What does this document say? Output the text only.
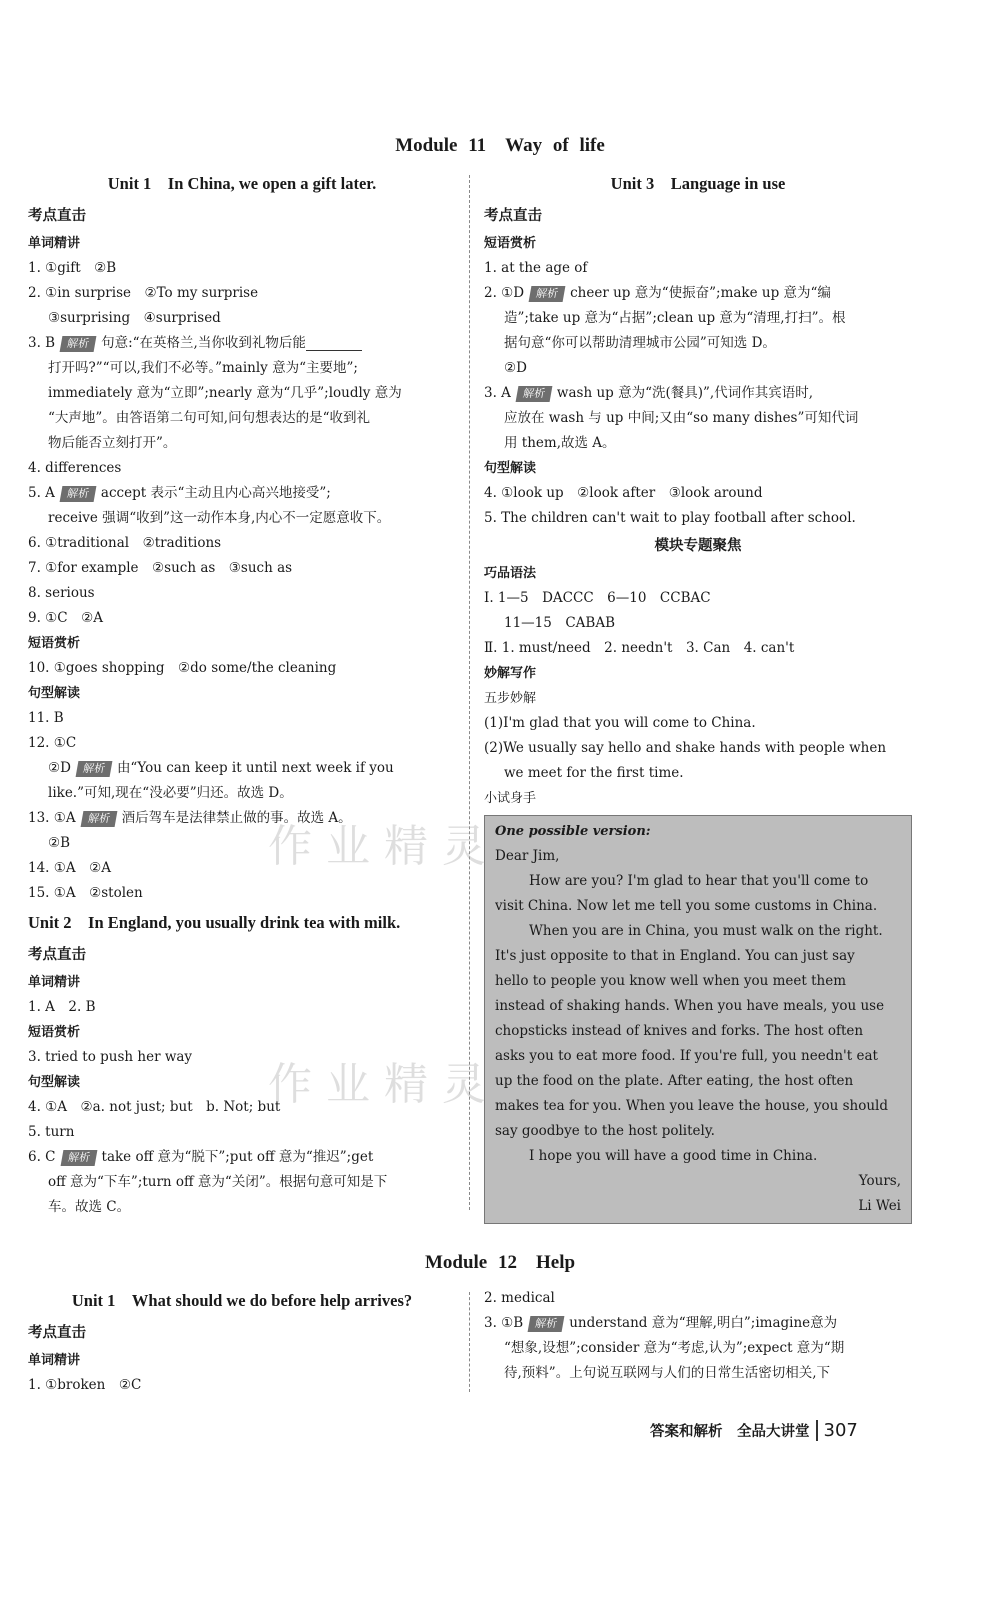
Module 11　Way of life
Unit 1　In China, we open a gift later.
考点直击
单词精讲
1. ①gift　②B
2. ①in surprise　②To my surprise
③surprising　④surprised
3. B 解析 句意:“在英格兰,当你收到礼物后能
打开吗?”“可以,我们不必等。”mainly 意为“主要地”;
immediately 意为“立即”;nearly 意为“几乎”;loudly 意为
“大声地”。由答语第二句可知,问句想表达的是“收到礼
物后能否立刻打开”。
4. differences
5. A 解析 accept 表示“主动且内心高兴地接受”;
receive 强调“收到”这一动作本身,内心不一定愿意收下。
6. ①traditional　②traditions
7. ①for example　②such as　③such as
8. serious
9. ①C　②A
短语赏析
10. ①goes shopping　②do some/the cleaning
句型解读
11. B
12. ①C
②D 解析 由“You can keep it until next week if you
like.”可知,现在“没必要”归还。故选 D。
13. ①A 解析 酒后驾车是法律禁止做的事。故选 A。
②B
14. ①A　②A
15. ①A　②stolen
Unit 2　In England, you usually drink tea with milk.
考点直击
单词精讲
1. A　2. B
短语赏析
3. tried to push her way
句型解读
4. ①A　②a. not just; but　b. Not; but
5. turn
6. C 解析 take off 意为“脱下”;put off 意为“推迟”;get
off 意为“下车”;turn off 意为“关闭”。根据句意可知是下
车。故选 C。
Unit 3　Language in use
考点直击
短语赏析
1. at the age of
2. ①D 解析 cheer up 意为“使振奋”;make up 意为“编
造”;take up 意为“占据”;clean up 意为“清理,打扫”。根
据句意“你可以帮助清理城市公园”可知选 D。
②D
3. A 解析 wash up 意为“洗(餐具)”,代词作其宾语时,
应放在 wash 与 up 中间;又由“so many dishes”可知代词
用 them,故选 A。
句型解读
4. ①look up　②look after　③look around
5. The children can't wait to play football after school.
模块专题聚焦
巧品语法
Ⅰ. 1—5　DACCC　6—10　CCBAC
11—15　CABAB
Ⅱ. 1. must/need　2. needn't　3. Can　4. can't
妙解写作
五步妙解
(1)I'm glad that you will come to China.
(2)We usually say hello and shake hands with people when
we meet for the first time.
小试身手
One possible version:
Dear Jim,
How are you? I'm glad to hear that you'll come to
visit China. Now let me tell you some customs in China.
When you are in China, you must walk on the right.
It's just opposite to that in England. You can just say
hello to people you know well when you meet them
instead of shaking hands. When you have meals, you use
chopsticks instead of knives and forks. The host often
asks you to eat more food. If you're full, you needn't eat
up the food on the plate. After eating, the host often
makes tea for you. When you leave the house, you should
say goodbye to the host politely.
I hope you will have a good time in China.
Yours,
Li Wei
Module 12　Help
Unit 1　What should we do before help arrives?
考点直击
单词精讲
1. ①broken　②C
2. medical
3. ①B 解析 understand 意为“理解,明白”;imagine意为
“想象,设想”;consider 意为“考虑,认为”;expect 意为“期
待,预料”。上句说互联网与人们的日常生活密切相关,下
答案和解析　全品大讲堂 307
作业精灵
作业精灵
